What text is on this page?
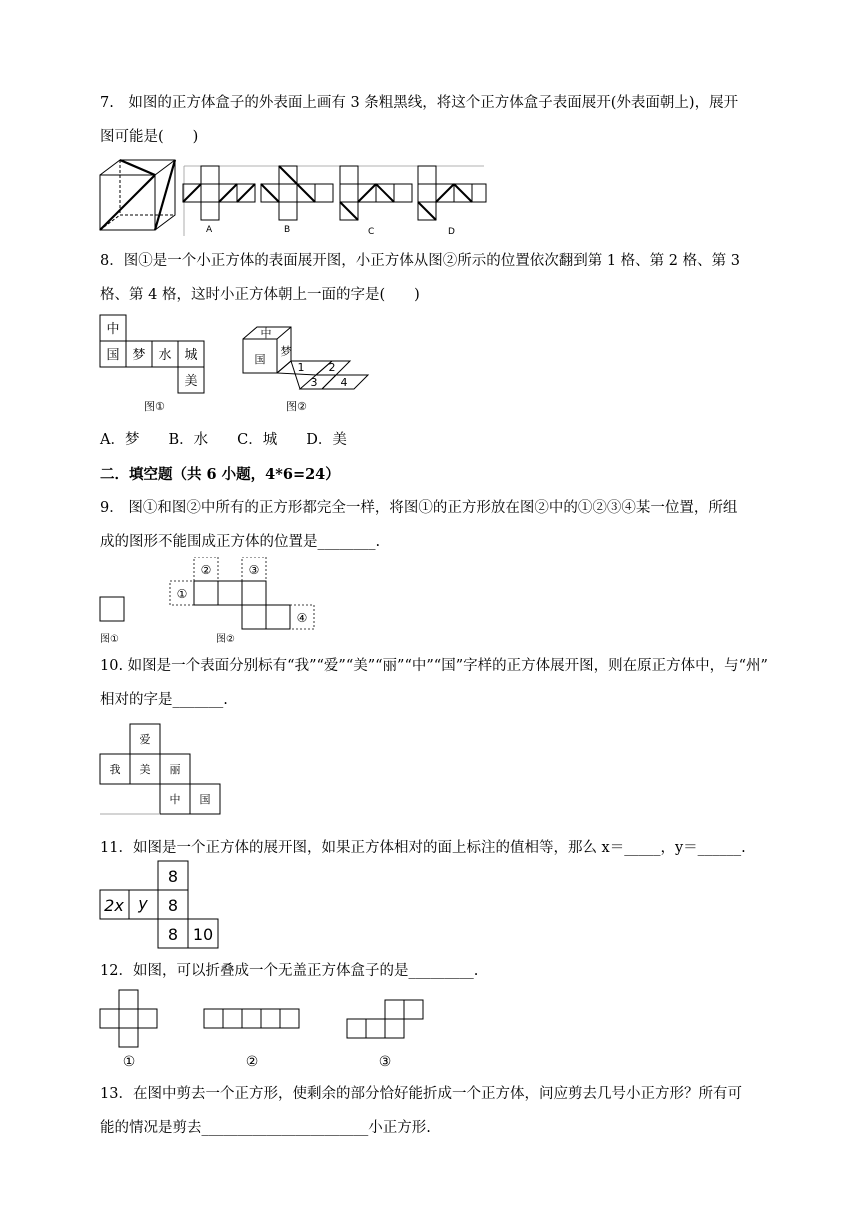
7.　如图的正方体盒子的外表面上画有 3 条粗黑线，将这个正方体盒子表面展开(外表面朝上)，展开
图可能是(　　)
A	B	C	D
8．图①是一个小正方体的表面展开图，小正方体从图②所示的位置依次翻到第 1 格、第 2 格、第 3
格、第 4 格，这时小正方体朝上一面的字是(　　)
中
国 梦 水 城
美
图①
中
国
梦
1 2
3 4
图②
A．梦　　B．水　　C．城　　D．美
二．填空题（共 6 小题，4*6=24）
9． 图①和图②中所有的正方形都完全一样，将图①的正方形放在图②中的①②③④某一位置，所组
成的图形不能围成正方体的位置是________.
图①
①
②	③
④
图②
10. 如图是一个表面分别标有“我”“爱”“美”“丽”“中”“国”字样的正方体展开图，则在原正方体中，与“州”
相对的字是_______.
爱
我 美 丽
中 国
11．如图是一个正方体的展开图，如果正方体相对的面上标注的值相等，那么 x＝_____，y＝______.
8
2x y 8
8 10
12．如图，可以折叠成一个无盖正方体盒子的是_________.
①	②	③
13．在图中剪去一个正方形，使剩余的部分恰好能折成一个正方体，问应剪去几号小正方形？所有可
能的情况是剪去_______________________小正方形.
